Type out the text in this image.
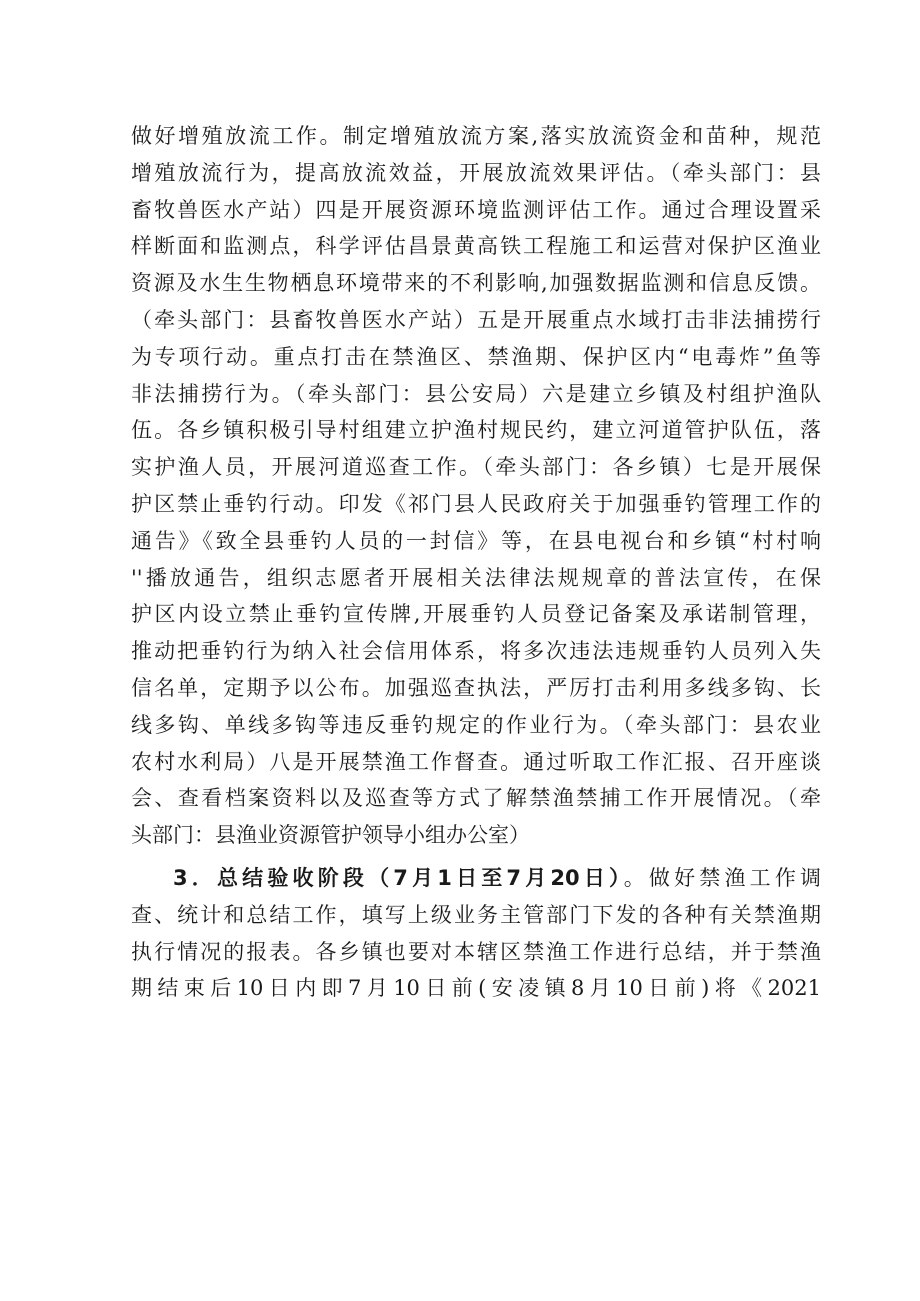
做好增殖放流工作。制定增殖放流方案,落实放流资金和苗种，规范
增殖放流行为，提高放流效益，开展放流效果评估。（牵头部门：县
畜牧兽医水产站）四是开展资源环境监测评估工作。通过合理设置采
样断面和监测点，科学评估昌景黄高铁工程施工和运营对保护区渔业
资源及水生生物栖息环境带来的不利影响,加强数据监测和信息反馈。
（牵头部门：县畜牧兽医水产站）五是开展重点水域打击非法捕捞行
为专项行动。重点打击在禁渔区、禁渔期、保护区内“电毒炸”鱼等
非法捕捞行为。（牵头部门：县公安局）六是建立乡镇及村组护渔队
伍。各乡镇积极引导村组建立护渔村规民约，建立河道管护队伍，落
实护渔人员，开展河道巡查工作。（牵头部门：各乡镇）七是开展保
护区禁止垂钓行动。印发《祁门县人民政府关于加强垂钓管理工作的
通告》《致全县垂钓人员的一封信》等，在县电视台和乡镇“村村响
''播放通告，组织志愿者开展相关法律法规规章的普法宣传，在保
护区内设立禁止垂钓宣传牌,开展垂钓人员登记备案及承诺制管理，
推动把垂钓行为纳入社会信用体系，将多次违法违规垂钓人员列入失
信名单，定期予以公布。加强巡查执法，严厉打击利用多线多钩、长
线多钩、单线多钩等违反垂钓规定的作业行为。（牵头部门：县农业
农村水利局）八是开展禁渔工作督查。通过听取工作汇报、召开座谈
会、查看档案资料以及巡查等方式了解禁渔禁捕工作开展情况。（牵
头部门：县渔业资源管护领导小组办公室）
3．总结验收阶段（7月1日至7月20日）。做好禁渔工作调
查、统计和总结工作，填写上级业务主管部门下发的各种有关禁渔期
执行情况的报表。各乡镇也要对本辖区禁渔工作进行总结，并于禁渔
期结束后10日内即7月10日前(安凌镇8月10日前)将《2021
